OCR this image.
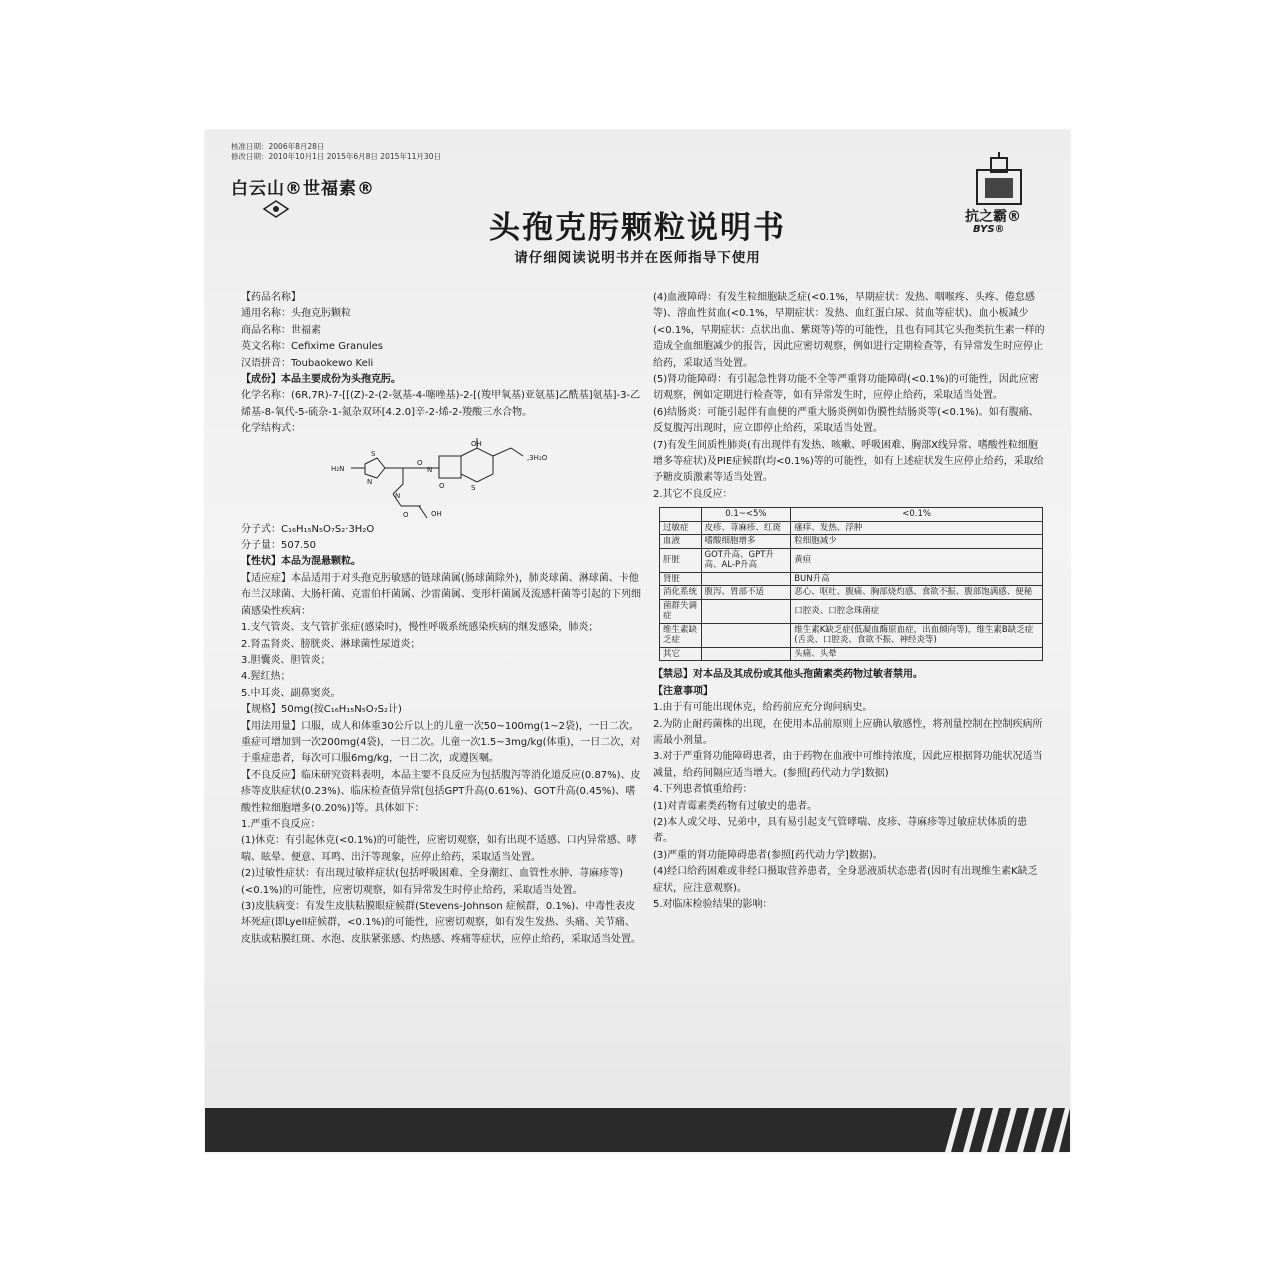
核准日期：2006年8月28日
修改日期：2010年10月1日 2015年6月8日 2015年11月30日
白云山®世福素®
抗之霸®
BYS®
头孢克肟颗粒说明书
请仔细阅读说明书并在医师指导下使用

【药品名称】

通用名称：头孢克肟颗粒

商品名称：世福素

英文名称：Cefixime Granules

汉语拼音：Toubaokewo Keli

【成份】本品主要成份为头孢克肟。

化学名称：(6R,7R)-7-[[(Z)-2-(2-氨基-4-噻唑基)-2-[(羧甲氧基)亚氨基]乙酰基]氨基]-3-乙烯基-8-氧代-5-硫杂-1-氮杂双环[4.2.0]辛-2-烯-2-羧酸三水合物。

化学结构式：

H₂N
S
N
O
N
N
O	OH
S
OH
,3H₂O
O

分子式：C₁₆H₁₅N₅O₇S₂·3H₂O

分子量：507.50

【性状】本品为混悬颗粒。

【适应症】本品适用于对头孢克肟敏感的链球菌属(肠球菌除外)，肺炎球菌、淋球菌、卡他布兰汉球菌、大肠杆菌、克雷伯杆菌属、沙雷菌属、变形杆菌属及流感杆菌等引起的下列细菌感染性疾病：

1.支气管炎、支气管扩张症(感染时)，慢性呼吸系统感染疾病的继发感染，肺炎；

2.肾盂肾炎、膀胱炎、淋球菌性尿道炎；

3.胆囊炎、胆管炎；

4.猩红热；

5.中耳炎、副鼻窦炎。

【规格】50mg(按C₁₆H₁₅N₅O₇S₂计)

【用法用量】口服，成人和体重30公斤以上的儿童一次50~100mg(1~2袋)，一日二次。重症可增加到一次200mg(4袋)，一日二次。儿童一次1.5~3mg/kg(体重)，一日二次，对于重症患者，每次可口服6mg/kg，一日二次，或遵医嘱。

【不良反应】临床研究资料表明，本品主要不良反应为包括腹泻等消化道反应(0.87%)、皮疹等皮肤症状(0.23%)、临床检查值异常[包括GPT升高(0.61%)、GOT升高(0.45%)、嗜酸性粒细胞增多(0.20%)]等。具体如下：

1.严重不良反应：

(1)休克：有引起休克(<0.1%)的可能性，应密切观察，如有出现不适感、口内异常感、哮喘、眩晕、便意、耳鸣、出汗等现象，应停止给药，采取适当处置。

(2)过敏性症状：有出现过敏样症状(包括呼吸困难、全身潮红、血管性水肿、荨麻疹等)(<0.1%)的可能性，应密切观察，如有异常发生时停止给药，采取适当处置。

(3)皮肤病变：有发生皮肤粘膜眼症候群(Stevens-Johnson 症候群，0.1%)、中毒性表皮坏死症(即Lyell症候群，<0.1%)的可能性，应密切观察，如有发生发热、头痛、关节痛、皮肤或粘膜红斑、水泡、皮肤紧张感、灼热感、疼痛等症状，应停止给药，采取适当处置。

(4)血液障碍：有发生粒细胞缺乏症(<0.1%，早期症状：发热、咽喉疼、头疼、倦怠感等)、溶血性贫血(<0.1%，早期症状：发热、血红蛋白尿、贫血等症状)、血小板减少(<0.1%，早期症状：点状出血、紫斑等)等的可能性，且也有同其它头孢类抗生素一样的造成全血细胞减少的报告，因此应密切观察，例如进行定期检查等，有异常发生时应停止给药，采取适当处置。

(5)肾功能障碍：有引起急性肾功能不全等严重肾功能障碍(<0.1%)的可能性，因此应密切观察，例如定期进行检查等，如有异常发生时，应停止给药，采取适当处置。

(6)结肠炎：可能引起伴有血便的严重大肠炎例如伪膜性结肠炎等(<0.1%)。如有腹痛、反复腹泻出现时，应立即停止给药，采取适当处置。

(7)有发生间质性肺炎(有出现伴有发热、咳嗽、呼吸困难、胸部X线异常、嗜酸性粒细胞增多等症状)及PIE症候群(均<0.1%)等的可能性，如有上述症状发生应停止给药，采取给予糖皮质激素等适当处置。

2.其它不良反应：

	0.1~<5%	<0.1%
过敏症	皮疹、荨麻疹、红斑	瘙痒、发热、浮肿
血液	嗜酸细胞增多	粒细胞减少
肝脏	GOT升高、GPT升高、AL-P升高	黄疸
肾脏		BUN升高
消化系统	腹泻、胃部不适	恶心、呕吐、腹痛、胸部烧灼感、食欲不振、腹部饱满感、便秘
菌群失调症		口腔炎、口腔念珠菌症
维生素缺乏症		维生素K缺乏症(低凝血酶原血症，出血倾向等)，维生素B缺乏症(舌炎、口腔炎、食欲不振、神经炎等)
其它		头痛、头晕

【禁忌】对本品及其成份或其他头孢菌素类药物过敏者禁用。

【注意事项】

1.由于有可能出现休克，给药前应充分询问病史。

2.为防止耐药菌株的出现，在使用本品前原则上应确认敏感性，将剂量控制在控制疾病所需最小剂量。

3.对于严重肾功能障碍患者，由于药物在血液中可维持浓度，因此应根据肾功能状况适当减量，给药间隔应适当增大。(参照[药代动力学]数据)

4.下列患者慎重给药：

(1)对青霉素类药物有过敏史的患者。

(2)本人或父母、兄弟中，具有易引起支气管哮喘、皮疹、荨麻疹等过敏症状体质的患者。

(3)严重的肾功能障碍患者(参照[药代动力学]数据)。

(4)经口给药困难或非经口摄取营养患者，全身恶液质状态患者(因时有出现维生素K缺乏症状，应注意观察)。

5.对临床检验结果的影响：
